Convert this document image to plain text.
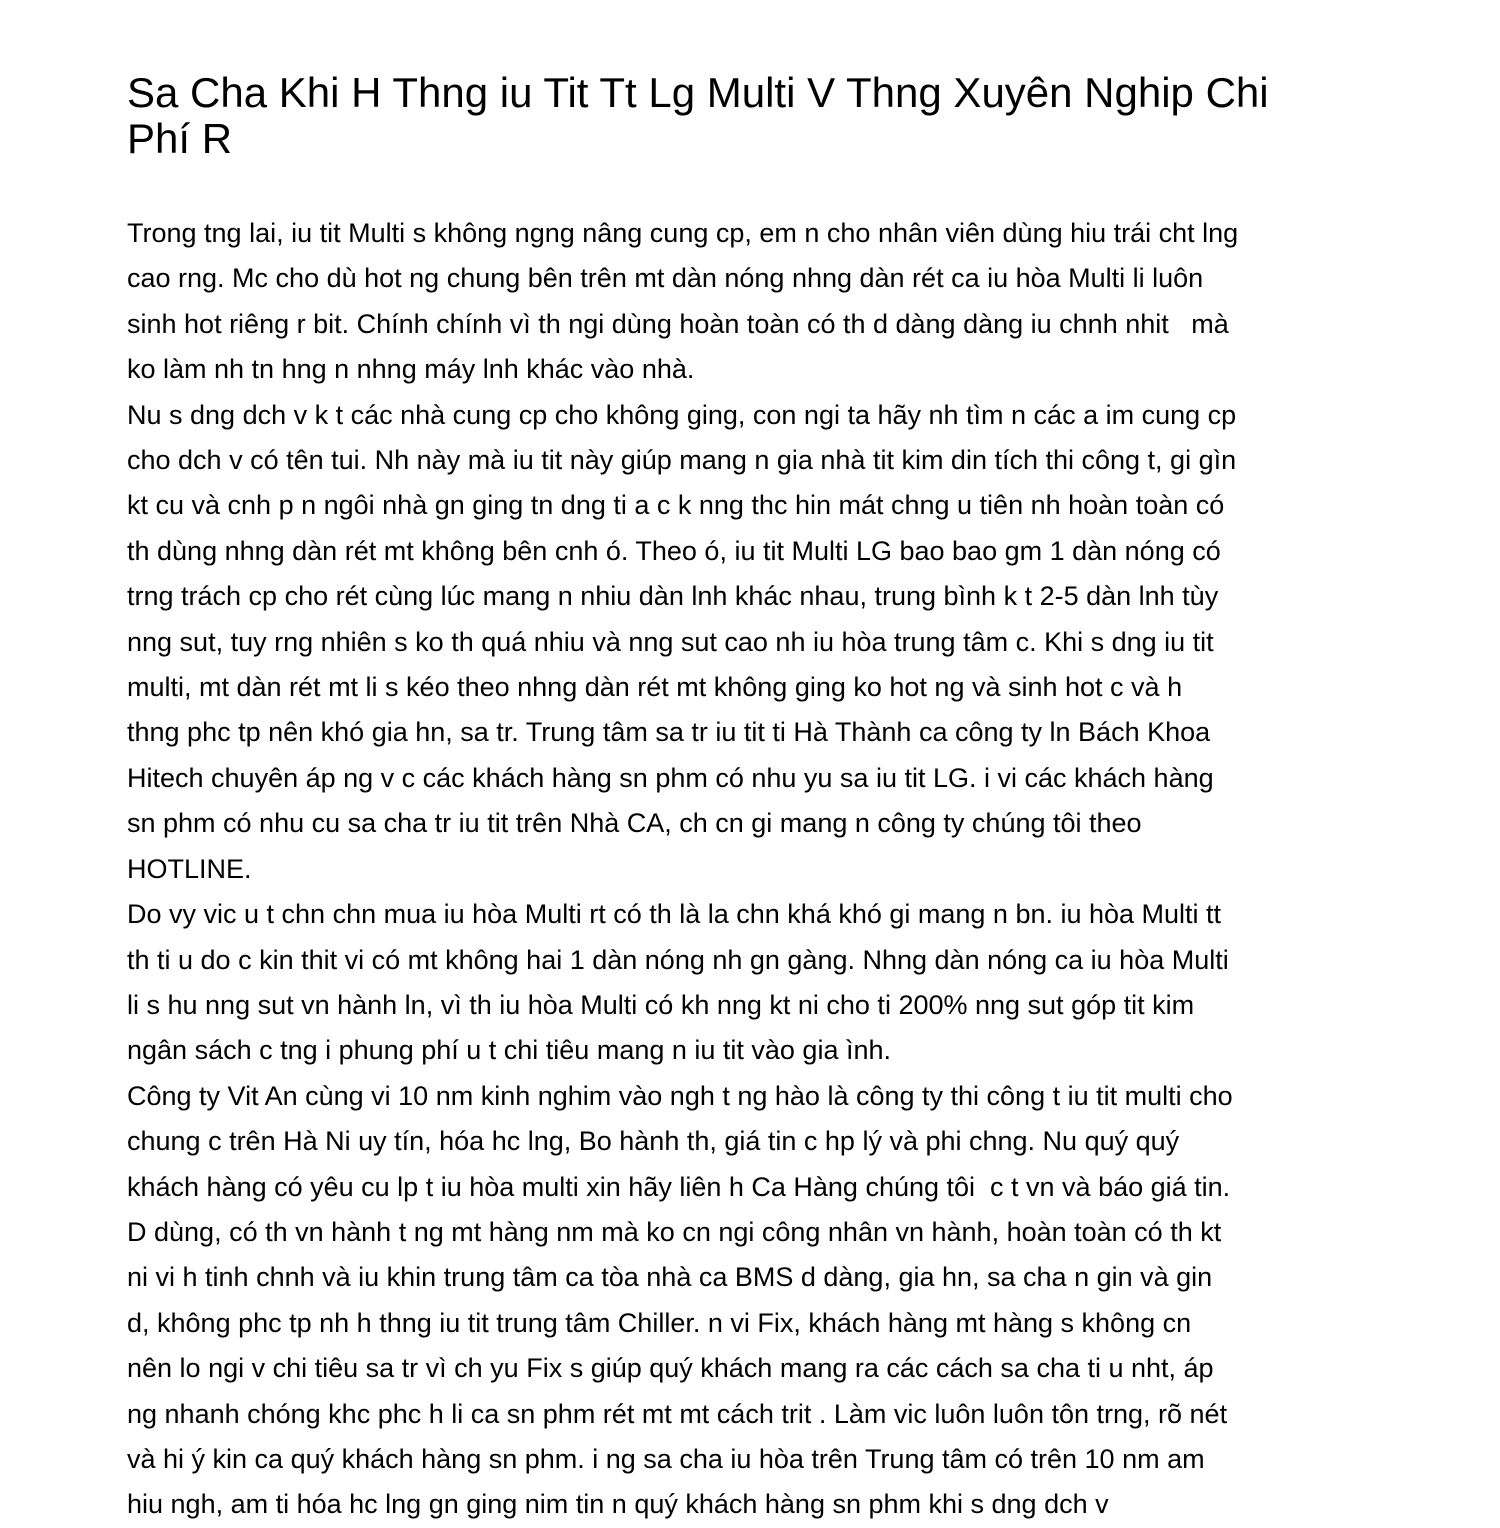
Sa Cha Khi H Thng iu Tit Tt Lg Multi V Thng Xuyên Nghip Chi
Phí R
Trong tng lai, iu tit Multi s không ngng nâng cung cp, em n cho nhân viên dùng hiu trái cht lng
cao rng. Mc cho dù hot ng chung bên trên mt dàn nóng nhng dàn rét ca iu hòa Multi li luôn
sinh hot riêng r bit. Chính chính vì th ngi dùng hoàn toàn có th d dàng dàng iu chnh nhit   mà
ko làm nh tn hng n nhng máy lnh khác vào nhà.
Nu s dng dch v k t các nhà cung cp cho không ging, con ngi ta hãy nh tìm n các a im cung cp
cho dch v có tên tui. Nh này mà iu tit này giúp mang n gia nhà tit kim din tích thi công t, gi gìn
kt cu và cnh p n ngôi nhà gn ging tn dng ti a c k nng thc hin mát chng u tiên nh hoàn toàn có
th dùng nhng dàn rét mt không bên cnh ó. Theo ó, iu tit Multi LG bao bao gm 1 dàn nóng có
trng trách cp cho rét cùng lúc mang n nhiu dàn lnh khác nhau, trung bình k t 2-5 dàn lnh tùy
nng sut, tuy rng nhiên s ko th quá nhiu và nng sut cao nh iu hòa trung tâm c. Khi s dng iu tit
multi, mt dàn rét mt li s kéo theo nhng dàn rét mt không ging ko hot ng và sinh hot c và h
thng phc tp nên khó gia hn, sa tr. Trung tâm sa tr iu tit ti Hà Thành ca công ty ln Bách Khoa
Hitech chuyên áp ng v c các khách hàng sn phm có nhu yu sa iu tit LG. i vi các khách hàng
sn phm có nhu cu sa cha tr iu tit trên Nhà CA, ch cn gi mang n công ty chúng tôi theo
HOTLINE.
Do vy vic u t chn chn mua iu hòa Multi rt có th là la chn khá khó gi mang n bn. iu hòa Multi tt
th ti u do c kin thit vi có mt không hai 1 dàn nóng nh gn gàng. Nhng dàn nóng ca iu hòa Multi
li s hu nng sut vn hành ln, vì th iu hòa Multi có kh nng kt ni cho ti 200% nng sut góp tit kim
ngân sách c tng i phung phí u t chi tiêu mang n iu tit vào gia ình.
Công ty Vit An cùng vi 10 nm kinh nghim vào ngh t ng hào là công ty thi công t iu tit multi cho
chung c trên Hà Ni uy tín, hóa hc lng, Bo hành th, giá tin c hp lý và phi chng. Nu quý quý
khách hàng có yêu cu lp t iu hòa multi xin hãy liên h Ca Hàng chúng tôi  c t vn và báo giá tin.
D dùng, có th vn hành t ng mt hàng nm mà ko cn ngi công nhân vn hành, hoàn toàn có th kt
ni vi h tinh chnh và iu khin trung tâm ca tòa nhà ca BMS d dàng, gia hn, sa cha n gin và gin
d, không phc tp nh h thng iu tit trung tâm Chiller. n vi Fix, khách hàng mt hàng s không cn
nên lo ngi v chi tiêu sa tr vì ch yu Fix s giúp quý khách mang ra các cách sa cha ti u nht, áp
ng nhanh chóng khc phc h li ca sn phm rét mt mt cách trit . Làm vic luôn luôn tôn trng, rõ nét
và hi ý kin ca quý khách hàng sn phm. i ng sa cha iu hòa trên Trung tâm có trên 10 nm am
hiu ngh, am ti hóa hc lng gn ging nim tin n quý khách hàng sn phm khi s dng dch v
